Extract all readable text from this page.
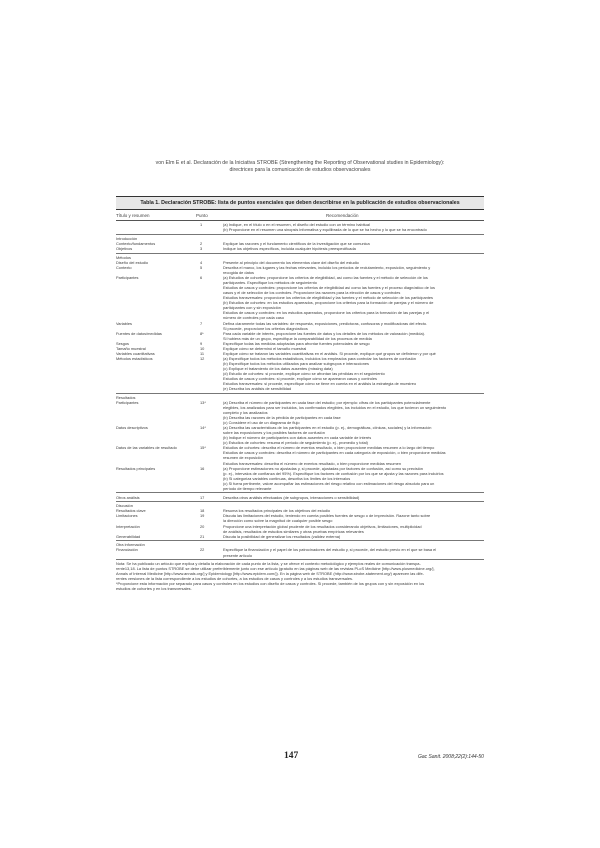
von Elm E et al. Declaración de la Iniciativa STROBE (Strengthening the Reporting of Observational studies in Epidemiology):
directrices para la comunicación de estudios observacionales
Tabla 1. Declaración STROBE: lista de puntos esenciales que deben describirse en la publicación de estudios observacionales
Título y resumen	Punto	Recomendación
1	(a) Indique, en el título o en el resumen, el diseño del estudio con un término habitual
(b) Proporcione en el resumen una sinopsis informativa y equilibrada de lo que se ha hecho y lo que se ha encontrado
Introducción
Contexto/fundamentos	2	Explique las razones y el fundamento científicos de la investigación que se comunica
Objetivos	3	Indique los objetivos específicos, incluida cualquier hipótesis preespecificada
Métodos
Diseño del estudio	4	Presente al principio del documento los elementos clave del diseño del estudio
Contexto	5	Describa el marco, los lugares y las fechas relevantes, incluido los períodos de reclutamiento, exposición, seguimiento y
recogida de datos
Participantes	6	(a) Estudios de cohortes: proporcione los criterios de elegibilidad, así como las fuentes y el método de selección de los
participantes. Especifique los métodos de seguimiento
Estudios de casos y controles: proporcione los criterios de elegibilidad así como las fuentes y el proceso diagnóstico de los
casos y el de selección de los controles. Proporcione las razones para la elección de casos y controles
Estudios transversales: proporcione los criterios de elegibilidad y las fuentes y el método de selección de los participantes
(b) Estudios de cohortes: en los estudios apareados, proporcione los criterios para la formación de parejas y el número de
participantes con y sin exposición
Estudios de casos y controles: en los estudios apareados, proporcione los criterios para la formación de las parejas y el
número de controles por cada caso
Variables	7	Defina claramente todas las variables: de respuesta, exposiciones, predictoras, confusoras y modificadoras del efecto.
Si procede, proporcione los criterios diagnósticos
Fuentes de datos/medidas	8*	Para cada variable de interés, proporcione las fuentes de datos y los detalles de los métodos de valoración (medida).
Si hubiera más de un grupo, especifique la comparabilidad de los procesos de medida
Sesgos	9	Especifique todas las medidas adoptadas para afrontar fuentes potenciales de sesgo
Tamaño muestral	10	Explique cómo se determinó el tamaño muestral
Variables cuantitativas	11	Explique cómo se trataron las variables cuantitativas en el análisis. Si procede, explique qué grupos se definieron y por qué
Métodos estadísticos	12	(a) Especifique todos los métodos estadísticos, incluidos los empleados para controlar los factores de confusión
(b) Especifique todos los métodos utilizados para analizar subgrupos e interacciones
(c) Explique el tratamiento de los datos ausentes (missing data)
(d) Estudio de cohortes: si procede, explique cómo se afrontan las pérdidas en el seguimiento
Estudios de casos y controles: si procede, explique cómo se aparearon casos y controles
Estudios transversales: si procede, especifique cómo se tiene en cuenta en el análisis la estrategia de muestreo
(e) Describa los análisis de sensibilidad
Resultados
Participantes	13*	(a) Describa el número de participantes en cada fase del estudio; por ejemplo: cifras de los participantes potencialmente
elegibles, los analizados para ser incluidos, los confirmados elegibles, los incluidos en el estudio, los que tuvieron un seguimiento
completo y los analizados
(b) Describa las razones de la pérdida de participantes en cada fase
(c) Considere el uso de un diagrama de flujo
Datos descriptivos	14*	(a) Describa las características de los participantes en el estudio (p. ej., demográficas, clínicas, sociales) y la información
sobre las exposiciones y los posibles factores de confusión
(b) Indique el número de participantes con datos ausentes en cada variable de interés
(c) Estudios de cohortes: resuma el período de seguimiento (p. ej., promedio y total)
Datos de las variables de resultado	15*	Estudios de cohortes: describa el número de eventos resultado, o bien proporcione medidas resumen a lo largo del tiempo
Estudios de casos y controles: describa el número de participantes en cada categoría de exposición, o bien proporcione medidas
resumen de exposición
Estudios transversales: describa el número de eventos resultado, o bien proporcione medidas resumen
Resultados principales	16	(a) Proporcione estimaciones no ajustadas y, si procede, ajustadas por factores de confusión, así como su precisión
(p. ej., intervalos de confianza del 95%). Especifique los factores de confusión por los que se ajusta y las razones para incluirlos
(b) Si categoriza variables continuas, describa los límites de los intervalos
(c) Si fuera pertinente, valore acompañar las estimaciones del riesgo relativo con estimaciones del riesgo absoluto para un
período de tiempo relevante
Otros análisis	17	Describa otros análisis efectuados (de subgrupos, interacciones o sensibilidad)
Discusión
Resultados clave	18	Resuma los resultados principales de los objetivos del estudio
Limitaciones	19	Discuta las limitaciones del estudio, teniendo en cuenta posibles fuentes de sesgo o de imprecisión. Razone tanto sobre
la dirección como sobre la magnitud de cualquier posible sesgo
Interpretación	20	Proporcione una interpretación global prudente de los resultados considerando objetivos, limitaciones, multiplicidad
de análisis, resultados de estudios similares y otras pruebas empíricas relevantes
Generabilidad	21	Discuta la posibilidad de generalizar los resultados (validez externa)
Otra información
Financiación	22	Especifique la financiación y el papel de los patrocinadores del estudio y, si procede, del estudio previo en el que se basa el
presente artículo
Nota: Se ha publicado un artículo que explica y detalla la elaboración de cada punto de la lista, y se ofrece el contexto metodológico y ejemplos reales de comunicación transpa-
rente13,18. La lista de puntos STROBE se debe utilizar preferiblemente junto con ese artículo (gratuito en las páginas web de las revistas PLoS Medicine [http://www.plosmedicine.org/],
Annals of Internal Medicine [http://www.annals.org/] y Epidemiology [http://www.epidem.com/]). En la página web de STROBE (http://www.strobe-statement.org/) aparecen las dife-
rentes versiones de la lista correspondiente a los estudios de cohortes, a los estudios de casos y controles y a los estudios transversales.
*Proporcione esta información por separado para casos y controles en los estudios con diseño de casos y controles. Si procede, también de los grupos con y sin exposición en los
estudios de cohortes y en los transversales.
147	Gac Sanit. 2008;22(2):144-50
